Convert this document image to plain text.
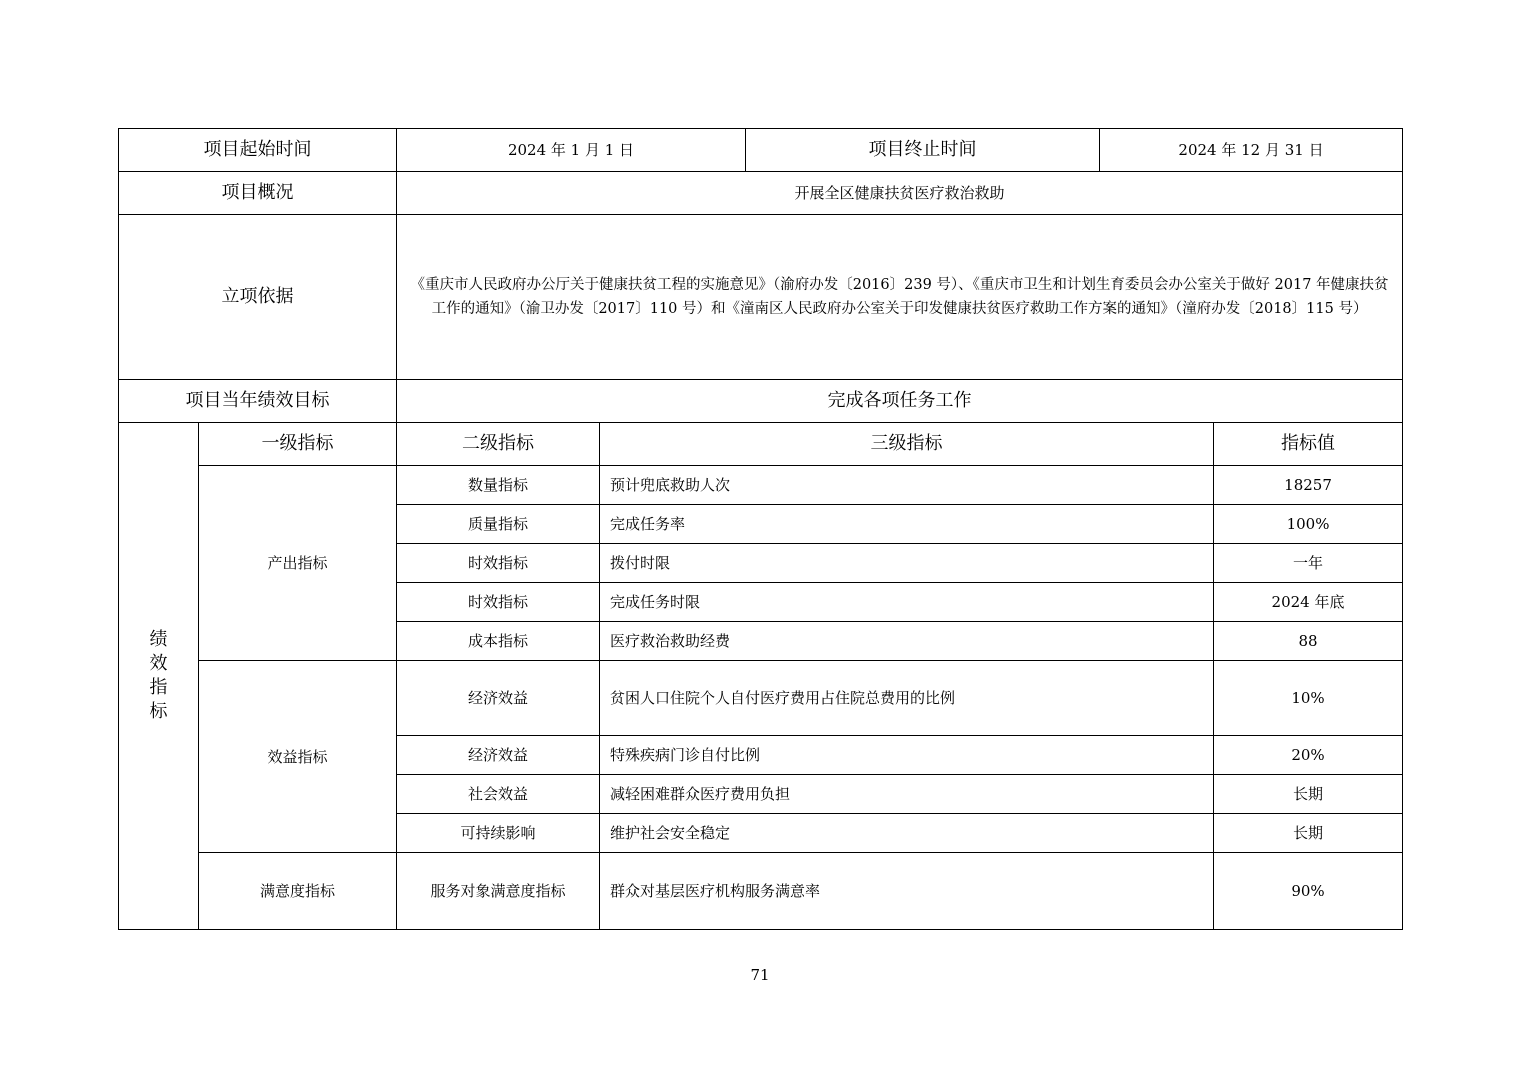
项目起始时间		2024 年 1 月 1 日		项目终止时间	2024 年 12 月 31 日	
项目概况		开展全区健康扶贫医疗救治救助				
立项依据		《重庆市人民政府办公厅关于健康扶贫工程的实施意见》（渝府办发〔2016〕239 号）、《重庆市卫生和计划生育委员会办公室关于做好 2017 年健康扶贫工作的通知》（渝卫办发〔2017〕110 号）和《潼南区人民政府办公室关于印发健康扶贫医疗救助工作方案的通知》（潼府办发〔2018〕115 号）				
项目当年绩效目标		完成各项任务工作				
绩效指标	一级指标	二级指标	三级指标			指标值
	产出指标	数量指标	预计兜底救助人次			18257
		质量指标	完成任务率			100%
		时效指标	拨付时限			一年
		时效指标	完成任务时限			2024 年底
		成本指标	医疗救治救助经费			88
	效益指标	经济效益	贫困人口住院个人自付医疗费用占住院总费用的比例			10%
		经济效益	特殊疾病门诊自付比例			20%
		社会效益	减轻困难群众医疗费用负担			长期
		可持续影响	维护社会安全稳定			长期
	满意度指标	服务对象满意度指标	群众对基层医疗机构服务满意率			90%
71
